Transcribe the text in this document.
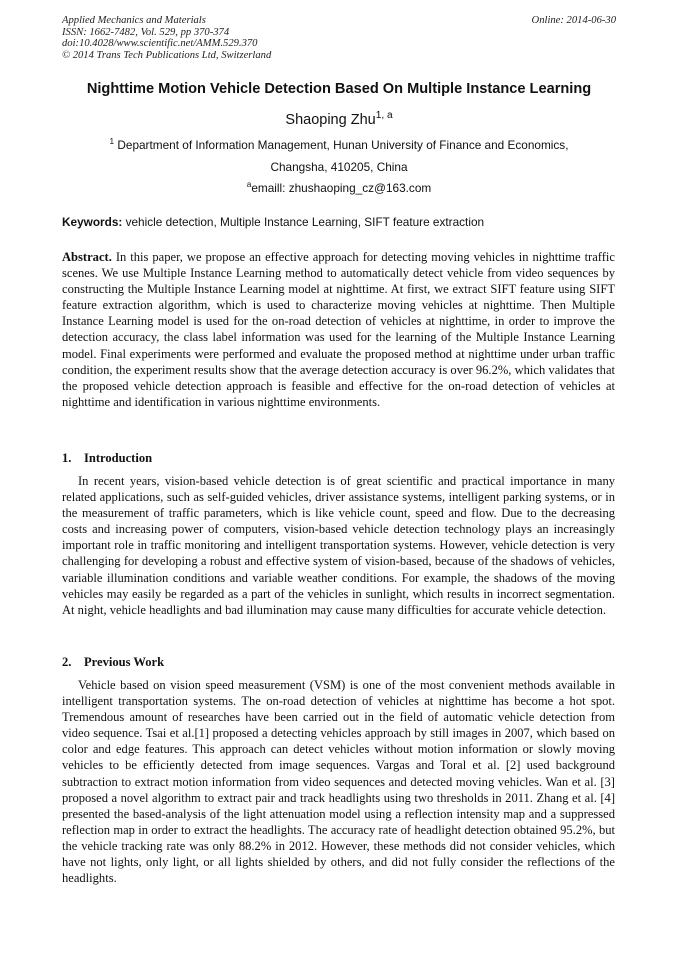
Applied Mechanics and Materials
ISSN: 1662-7482, Vol. 529, pp 370-374
doi:10.4028/www.scientific.net/AMM.529.370
© 2014 Trans Tech Publications Ltd, Switzerland
Online: 2014-06-30
Nighttime Motion Vehicle Detection Based On Multiple Instance Learning
Shaoping Zhu$^{1, a}$
$^1$ Department of Information Management, Hunan University of Finance and Economics,
Changsha, 410205, China
$^a$emaill: zhushaoping_cz@163.com
Keywords: vehicle detection, Multiple Instance Learning, SIFT feature extraction
Abstract. In this paper, we propose an effective approach for detecting moving vehicles in nighttime traffic scenes. We use Multiple Instance Learning method to automatically detect vehicle from video sequences by constructing the Multiple Instance Learning model at nighttime. At first, we extract SIFT feature using SIFT feature extraction algorithm, which is used to characterize moving vehicles at nighttime. Then Multiple Instance Learning model is used for the on-road detection of vehicles at nighttime, in order to improve the detection accuracy, the class label information was used for the learning of the Multiple Instance Learning model. Final experiments were performed and evaluate the proposed method at nighttime under urban traffic condition, the experiment results show that the average detection accuracy is over 96.2%, which validates that the proposed vehicle detection approach is feasible and effective for the on-road detection of vehicles at nighttime and identification in various nighttime environments.
1. Introduction
In recent years, vision-based vehicle detection is of great scientific and practical importance in many related applications, such as self-guided vehicles, driver assistance systems, intelligent parking systems, or in the measurement of traffic parameters, which is like vehicle count, speed and flow. Due to the decreasing costs and increasing power of computers, vision-based vehicle detection technology plays an increasingly important role in traffic monitoring and intelligent transportation systems. However, vehicle detection is very challenging for developing a robust and effective system of vision-based, because of the shadows of vehicles, variable illumination conditions and variable weather conditions. For example, the shadows of the moving vehicles may easily be regarded as a part of the vehicles in sunlight, which results in incorrect segmentation. At night, vehicle headlights and bad illumination may cause many difficulties for accurate vehicle detection.
2. Previous Work
Vehicle based on vision speed measurement (VSM) is one of the most convenient methods available in intelligent transportation systems. The on-road detection of vehicles at nighttime has become a hot spot. Tremendous amount of researches have been carried out in the field of automatic vehicle detection from video sequence. Tsai et al.[1] proposed a detecting vehicles approach by still images in 2007, which based on color and edge features. This approach can detect vehicles without motion information or slowly moving vehicles to be efficiently detected from image sequences. Vargas and Toral et al. [2] used background subtraction to extract motion information from video sequences and detected moving vehicles. Wan et al. [3] proposed a novel algorithm to extract pair and track headlights using two thresholds in 2011. Zhang et al. [4] presented the based-analysis of the light attenuation model using a reflection intensity map and a suppressed reflection map in order to extract the headlights. The accuracy rate of headlight detection obtained 95.2%, but the vehicle tracking rate was only 88.2% in 2012. However, these methods did not consider vehicles, which have not lights, only light, or all lights shielded by others, and did not fully consider the reflections of the headlights.
